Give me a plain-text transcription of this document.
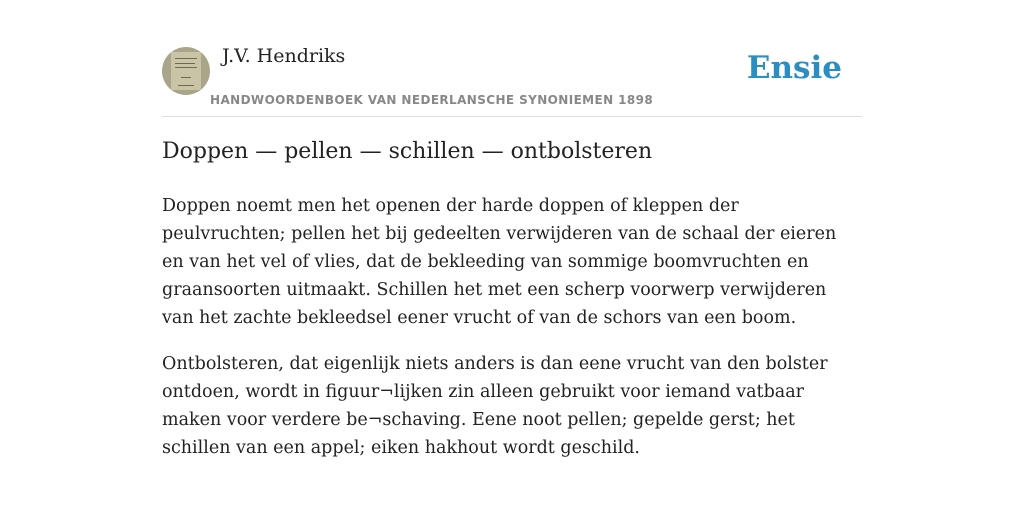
J.V. Hendriks
HANDWOORDENBOEK VAN NEDERLANSCHE SYNONIEMEN 1898
Ensie
Doppen — pellen — schillen — ontbolsteren

Doppen noemt men het openen der harde doppen of kleppen der peulvruchten; pellen het bij gedeelten verwijderen van de schaal der eieren en van het vel of vlies, dat de bekleeding van sommige boomvruchten en graansoorten uitmaakt. Schillen het met een scherp voorwerp verwijderen van het zachte bekleedsel eener vrucht of van de schors van een boom.

Ontbolsteren, dat eigenlijk niets anders is dan eene vrucht van den bolster ontdoen, wordt in figuur¬lijken zin alleen gebruikt voor iemand vatbaar maken voor verdere be¬schaving. Eene noot pellen; gepelde gerst; het schillen van een appel; eiken hakhout wordt geschild.
